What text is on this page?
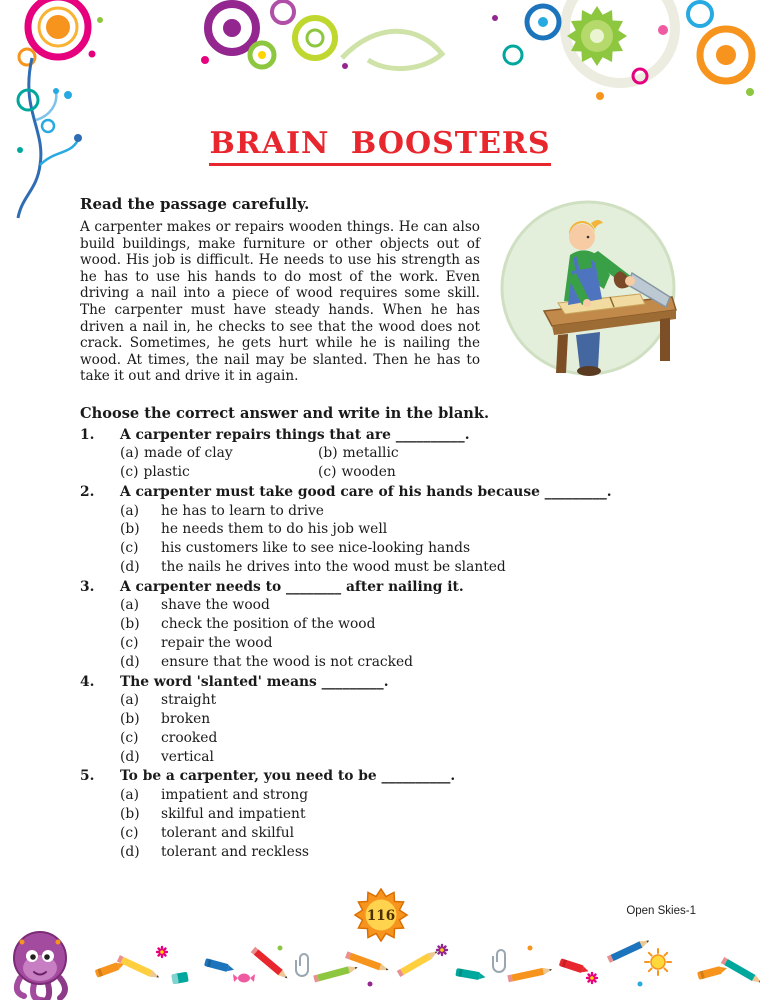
BRAIN BOOSTERS

Read the passage carefully.

A carpenter makes or repairs wooden things. He can also build buildings, make furniture or other objects out of wood. His job is difficult. He needs to use his strength as he has to use his hands to do most of the work. Even driving a nail into a piece of wood requires some skill. The carpenter must have steady hands. When he has driven a nail in, he checks to see that the wood does not crack. Sometimes, he gets hurt while he is nailing the wood. At times, the nail may be slanted. Then he has to take it out and drive it in again.

Choose the correct answer and write in the blank.

1.	A carpenter repairs things that are __________.
(a) made of clay	(b) metallic
(c) plastic	(c) wooden
2.	A carpenter must take good care of his hands because _________.
(a)	he has to learn to drive
(b)	he needs them to do his job well
(c)	his customers like to see nice-looking hands
(d)	the nails he drives into the wood must be slanted
3.	A carpenter needs to ________ after nailing it.
(a)	shave the wood
(b)	check the position of the wood
(c)	repair the wood
(d)	ensure that the wood is not cracked
4.	The word 'slanted' means _________.
(a)	straight
(b)	broken
(c)	crooked
(d)	vertical
5.	To be a carpenter, you need to be __________.
(a)	impatient and strong
(b)	skilful and impatient
(c)	tolerant and skilful
(d)	tolerant and reckless
116	Open Skies-1
